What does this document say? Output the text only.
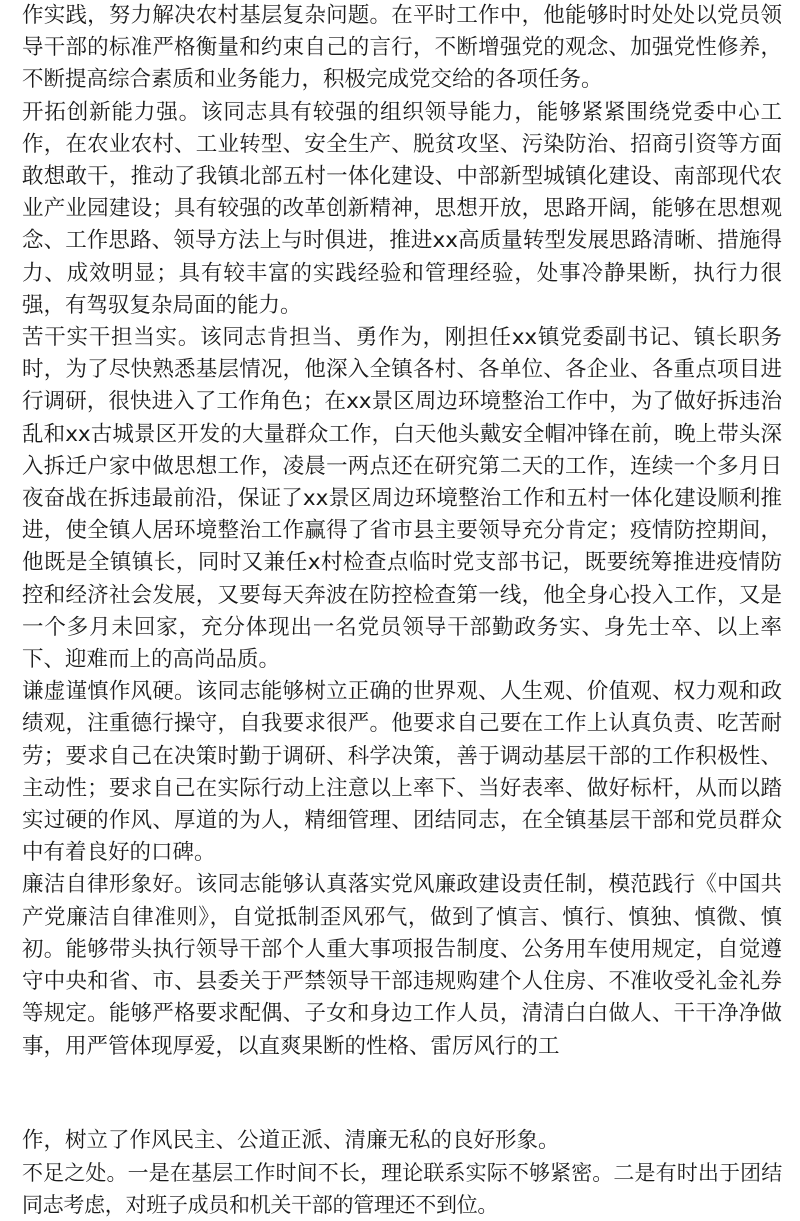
作实践，努力解决农村基层复杂问题。在平时工作中，他能够时时处处以党员领导干部的标准严格衡量和约束自己的言行，不断增强党的观念、加强党性修养，不断提高综合素质和业务能力，积极完成党交给的各项任务。

开拓创新能力强。该同志具有较强的组织领导能力，能够紧紧围绕党委中心工作，在农业农村、工业转型、安全生产、脱贫攻坚、污染防治、招商引资等方面敢想敢干，推动了我镇北部五村一体化建设、中部新型城镇化建设、南部现代农业产业园建设；具有较强的改革创新精神，思想开放，思路开阔，能够在思想观念、工作思路、领导方法上与时俱进，推进xx高质量转型发展思路清晰、措施得力、成效明显；具有较丰富的实践经验和管理经验，处事冷静果断，执行力很强，有驾驭复杂局面的能力。

苦干实干担当实。该同志肯担当、勇作为，刚担任xx镇党委副书记、镇长职务时，为了尽快熟悉基层情况，他深入全镇各村、各单位、各企业、各重点项目进行调研，很快进入了工作角色；在xx景区周边环境整治工作中，为了做好拆违治乱和xx古城景区开发的大量群众工作，白天他头戴安全帽冲锋在前，晚上带头深入拆迁户家中做思想工作，凌晨一两点还在研究第二天的工作，连续一个多月日夜奋战在拆违最前沿，保证了xx景区周边环境整治工作和五村一体化建设顺利推进，使全镇人居环境整治工作赢得了省市县主要领导充分肯定；疫情防控期间，他既是全镇镇长，同时又兼任x村检查点临时党支部书记，既要统筹推进疫情防控和经济社会发展，又要每天奔波在防控检查第一线，他全身心投入工作，又是一个多月未回家，充分体现出一名党员领导干部勤政务实、身先士卒、以上率下、迎难而上的高尚品质。

谦虚谨慎作风硬。该同志能够树立正确的世界观、人生观、价值观、权力观和政绩观，注重德行操守，自我要求很严。他要求自己要在工作上认真负责、吃苦耐劳；要求自己在决策时勤于调研、科学决策，善于调动基层干部的工作积极性、主动性；要求自己在实际行动上注意以上率下、当好表率、做好标杆，从而以踏实过硬的作风、厚道的为人，精细管理、团结同志，在全镇基层干部和党员群众中有着良好的口碑。

廉洁自律形象好。该同志能够认真落实党风廉政建设责任制，模范践行《中国共产党廉洁自律准则》，自觉抵制歪风邪气，做到了慎言、慎行、慎独、慎微、慎初。能够带头执行领导干部个人重大事项报告制度、公务用车使用规定，自觉遵守中央和省、市、县委关于严禁领导干部违规购建个人住房、不准收受礼金礼券等规定。能够严格要求配偶、子女和身边工作人员，清清白白做人、干干净净做事，用严管体现厚爱，以直爽果断的性格、雷厉风行的工

作，树立了作风民主、公道正派、清廉无私的良好形象。

不足之处。一是在基层工作时间不长，理论联系实际不够紧密。二是有时出于团结同志考虑，对班子成员和机关干部的管理还不到位。
